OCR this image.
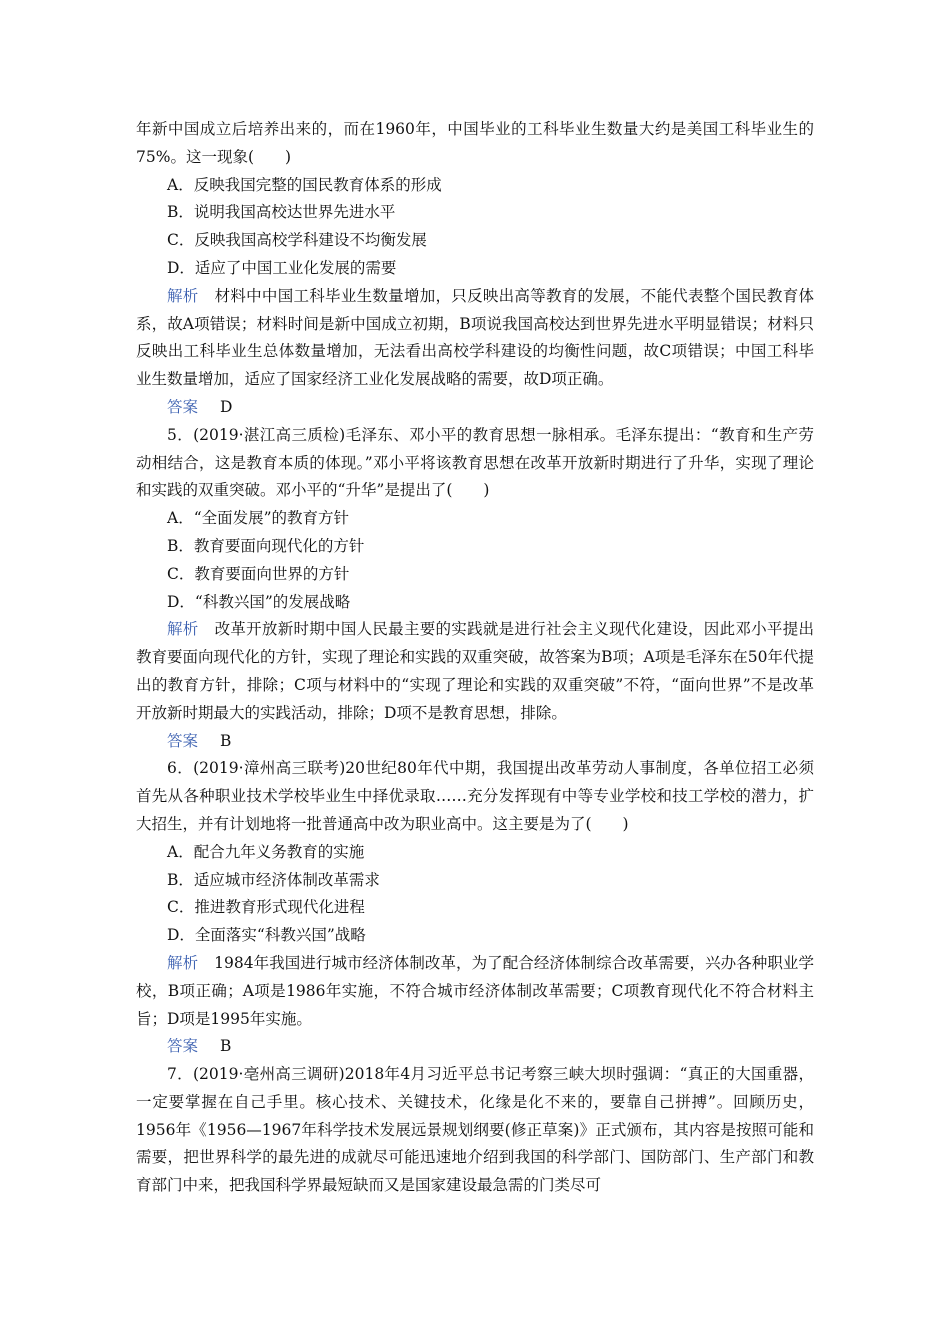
年新中国成立后培养出来的，而在1960年，中国毕业的工科毕业生数量大约是美国工科毕业生的75%。这一现象(　　)

A．反映我国完整的国民教育体系的形成

B．说明我国高校达世界先进水平

C．反映我国高校学科建设不均衡发展

D．适应了中国工业化发展的需要

解析 材料中中国工科毕业生数量增加，只反映出高等教育的发展，不能代表整个国民教育体系，故A项错误；材料时间是新中国成立初期，B项说我国高校达到世界先进水平明显错误；材料只反映出工科毕业生总体数量增加，无法看出高校学科建设的均衡性问题，故C项错误；中国工科毕业生数量增加，适应了国家经济工业化发展战略的需要，故D项正确。

答案 D

5．(2019·湛江高三质检)毛泽东、邓小平的教育思想一脉相承。毛泽东提出：“教育和生产劳动相结合，这是教育本质的体现。”邓小平将该教育思想在改革开放新时期进行了升华，实现了理论和实践的双重突破。邓小平的“升华”是提出了(　　)

A．“全面发展”的教育方针

B．教育要面向现代化的方针

C．教育要面向世界的方针

D．“科教兴国”的发展战略

解析 改革开放新时期中国人民最主要的实践就是进行社会主义现代化建设，因此邓小平提出教育要面向现代化的方针，实现了理论和实践的双重突破，故答案为B项；A项是毛泽东在50年代提出的教育方针，排除；C项与材料中的“实现了理论和实践的双重突破”不符，“面向世界”不是改革开放新时期最大的实践活动，排除；D项不是教育思想，排除。

答案 B

6．(2019·漳州高三联考)20世纪80年代中期，我国提出改革劳动人事制度，各单位招工必须首先从各种职业技术学校毕业生中择优录取……充分发挥现有中等专业学校和技工学校的潜力，扩大招生，并有计划地将一批普通高中改为职业高中。这主要是为了(　　)

A．配合九年义务教育的实施

B．适应城市经济体制改革需求

C．推进教育形式现代化进程

D．全面落实“科教兴国”战略

解析 1984年我国进行城市经济体制改革，为了配合经济体制综合改革需要，兴办各种职业学校，B项正确；A项是1986年实施，不符合城市经济体制改革需要；C项教育现代化不符合材料主旨；D项是1995年实施。

答案 B

7．(2019·亳州高三调研)2018年4月习近平总书记考察三峡大坝时强调：“真正的大国重器，一定要掌握在自己手里。核心技术、关键技术，化缘是化不来的，要靠自己拼搏”。回顾历史，1956年《1956—1967年科学技术发展远景规划纲要(修正草案)》正式颁布，其内容是按照可能和需要，把世界科学的最先进的成就尽可能迅速地介绍到我国的科学部门、国防部门、生产部门和教育部门中来，把我国科学界最短缺而又是国家建设最急需的门类尽可
